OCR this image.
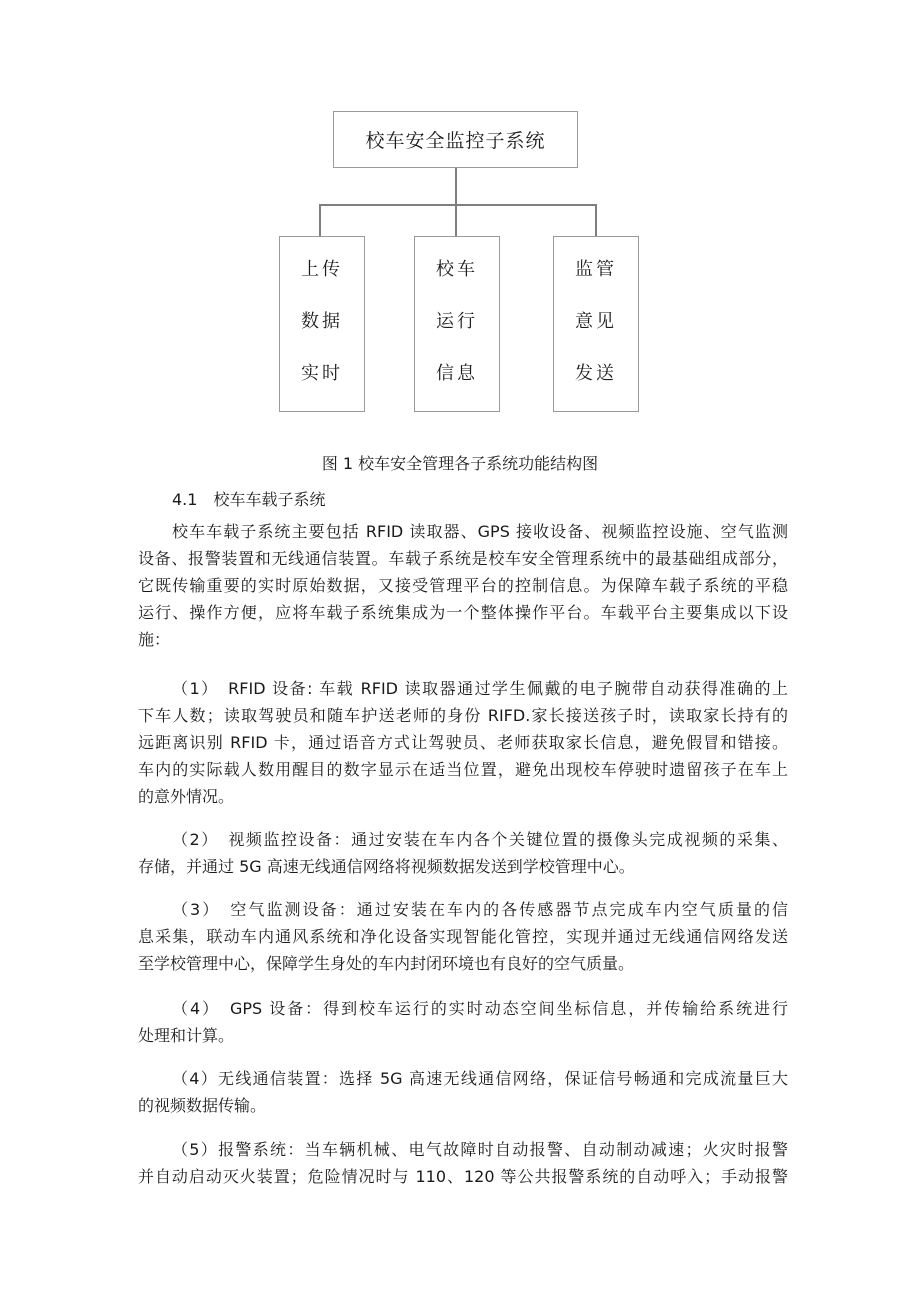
校车安全监控子系统
上传
数据
实时
校车
运行
信息
监管
意见
发送
图 1 校车安全管理各子系统功能结构图
4.1 校车车载子系统
校车车载子系统主要包括 RFID 读取器、GPS 接收设备、视频监控设施、空气监测
设备、报警装置和无线通信装置。车载子系统是校车安全管理系统中的最基础组成部分，
它既传输重要的实时原始数据，又接受管理平台的控制信息。为保障车载子系统的平稳
运行、操作方便，应将车载子系统集成为一个整体操作平台。车载平台主要集成以下设
施：
（1）　RFID 设备: 车载 RFID 读取器通过学生佩戴的电子腕带自动获得准确的上
下车人数；读取驾驶员和随车护送老师的身份 RIFD.家长接送孩子时，读取家长持有的
远距离识别 RFID 卡，通过语音方式让驾驶员、老师获取家长信息，避免假冒和错接。
车内的实际载人数用醒目的数字显示在适当位置，避免出现校车停驶时遗留孩子在车上
的意外情况。
（2）　视频监控设备：通过安装在车内各个关键位置的摄像头完成视频的采集、
存储，并通过 5G 高速无线通信网络将视频数据发送到学校管理中心。
（3）　空气监测设备：通过安装在车内的各传感器节点完成车内空气质量的信
息采集，联动车内通风系统和净化设备实现智能化管控，实现并通过无线通信网络发送
至学校管理中心，保障学生身处的车内封闭环境也有良好的空气质量。
（4）　GPS 设备：得到校车运行的实时动态空间坐标信息，并传输给系统进行
处理和计算。
（4）无线通信装置：选择 5G 高速无线通信网络，保证信号畅通和完成流量巨大
的视频数据传输。
（5）报警系统：当车辆机械、电气故障时自动报警、自动制动减速；火灾时报警
并自动启动灭火装置；危险情况时与 110、120 等公共报警系统的自动呼入；手动报警
